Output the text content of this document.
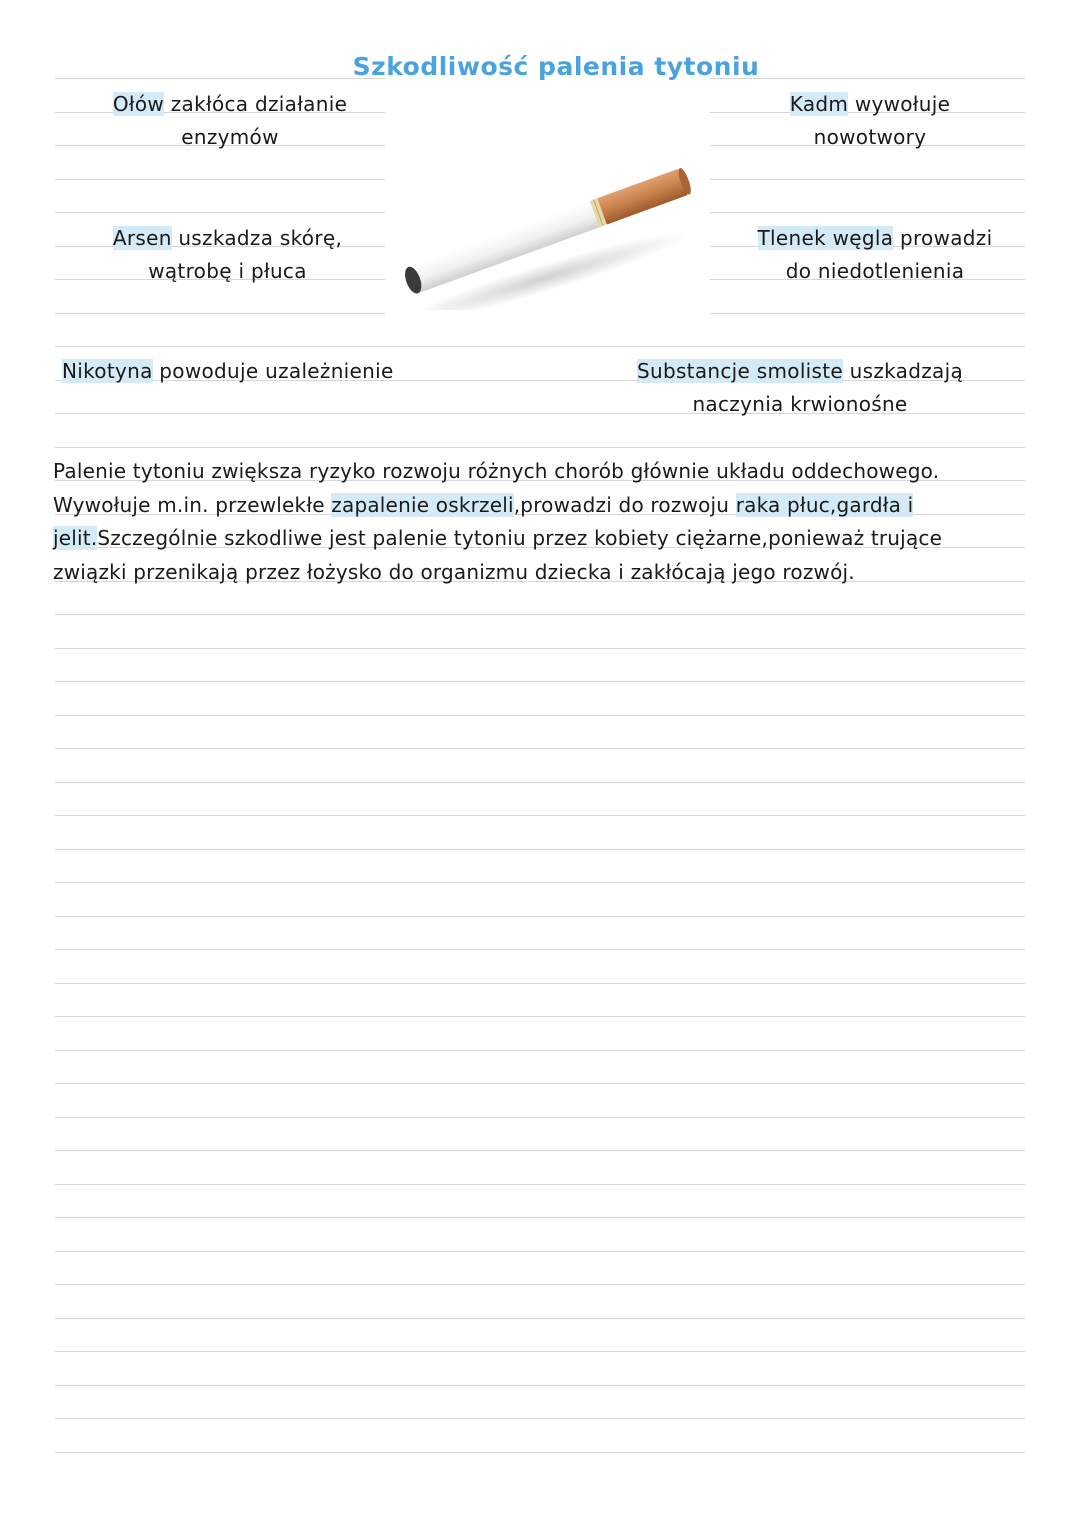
Szkodliwość palenia tytoniu
Ołów zakłóca działanie
enzymów
Kadm wywołuje
nowotwory
Arsen uszkadza skórę,
wątrobę i płuca
Tlenek węgla prowadzi
do niedotlenienia
Nikotyna powoduje uzależnienie	Substancje smoliste uszkadzają
naczynia krwionośne
Palenie tytoniu zwiększa ryzyko rozwoju różnych chorób głównie układu oddechowego. Wywołuje m.in. przewlekłe zapalenie oskrzeli,prowadzi do rozwoju raka płuc,gardła i jelit.Szczególnie szkodliwe jest palenie tytoniu przez kobiety ciężarne,ponieważ trujące związki przenikają przez łożysko do organizmu dziecka i zakłócają jego rozwój.
